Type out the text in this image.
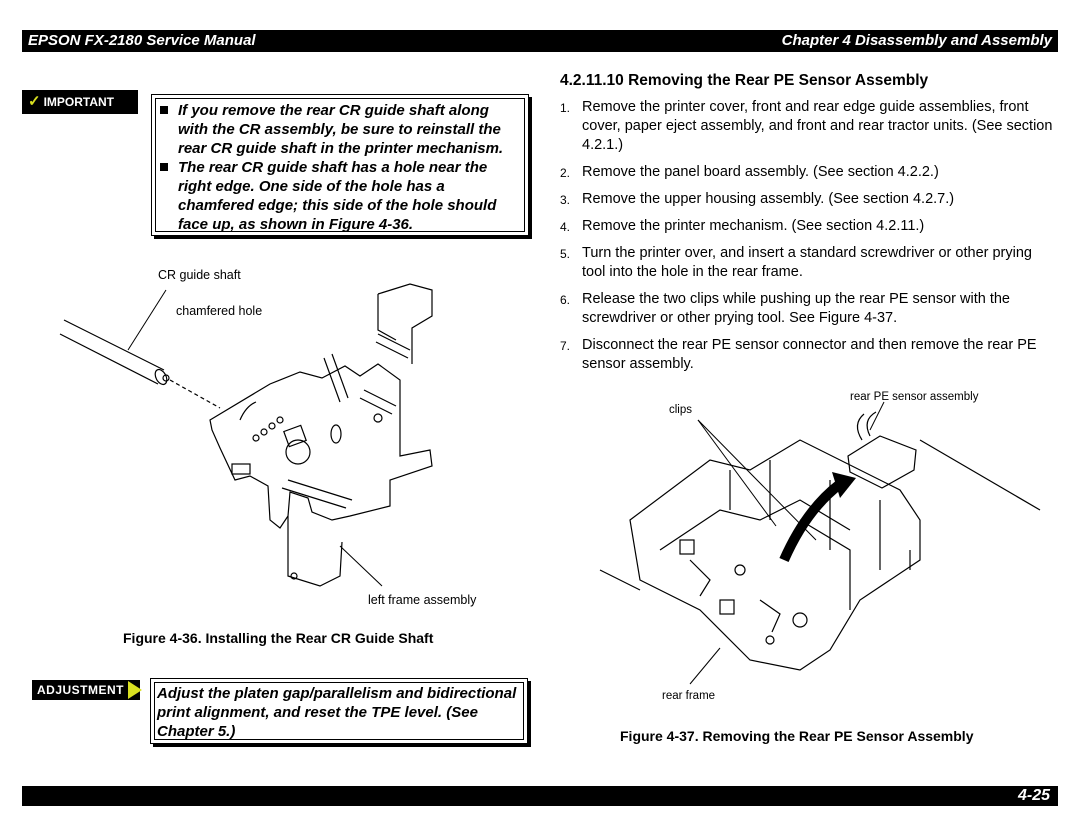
EPSON FX-2180 Service Manual	Chapter 4 Disassembly and Assembly
✓ IMPORTANT	If you remove the rear CR guide shaft along with the CR assembly, be sure to reinstall the rear CR guide shaft in the printer mechanism.
The rear CR guide shaft has a hole near the right edge. One side of the hole has a chamfered edge; this side of the hole should face up, as shown in Figure 4-36.
CR guide shaft
chamfered hole
left frame assembly
Figure 4-36. Installing the Rear CR Guide Shaft
ADJUSTMENT	Adjust the platen gap/parallelism and bidirectional print alignment, and reset the TPE level. (See Chapter 5.)
4.2.11.10 Removing the Rear PE Sensor Assembly
1. Remove the printer cover, front and rear edge guide assemblies, front cover, paper eject assembly, and front and rear tractor units. (See section 4.2.1.)
2. Remove the panel board assembly. (See section 4.2.2.)
3. Remove the upper housing assembly. (See section 4.2.7.)
4. Remove the printer mechanism. (See section 4.2.11.)
5. Turn the printer over, and insert a standard screwdriver or other prying tool into the hole in the rear frame.
6. Release the two clips while pushing up the rear PE sensor with the screwdriver or other prying tool. See Figure 4-37.
7. Disconnect the rear PE sensor connector and then remove the rear PE sensor assembly.
rear PE sensor assembly
clips
rear frame
Figure 4-37. Removing the Rear PE Sensor Assembly
4-25
